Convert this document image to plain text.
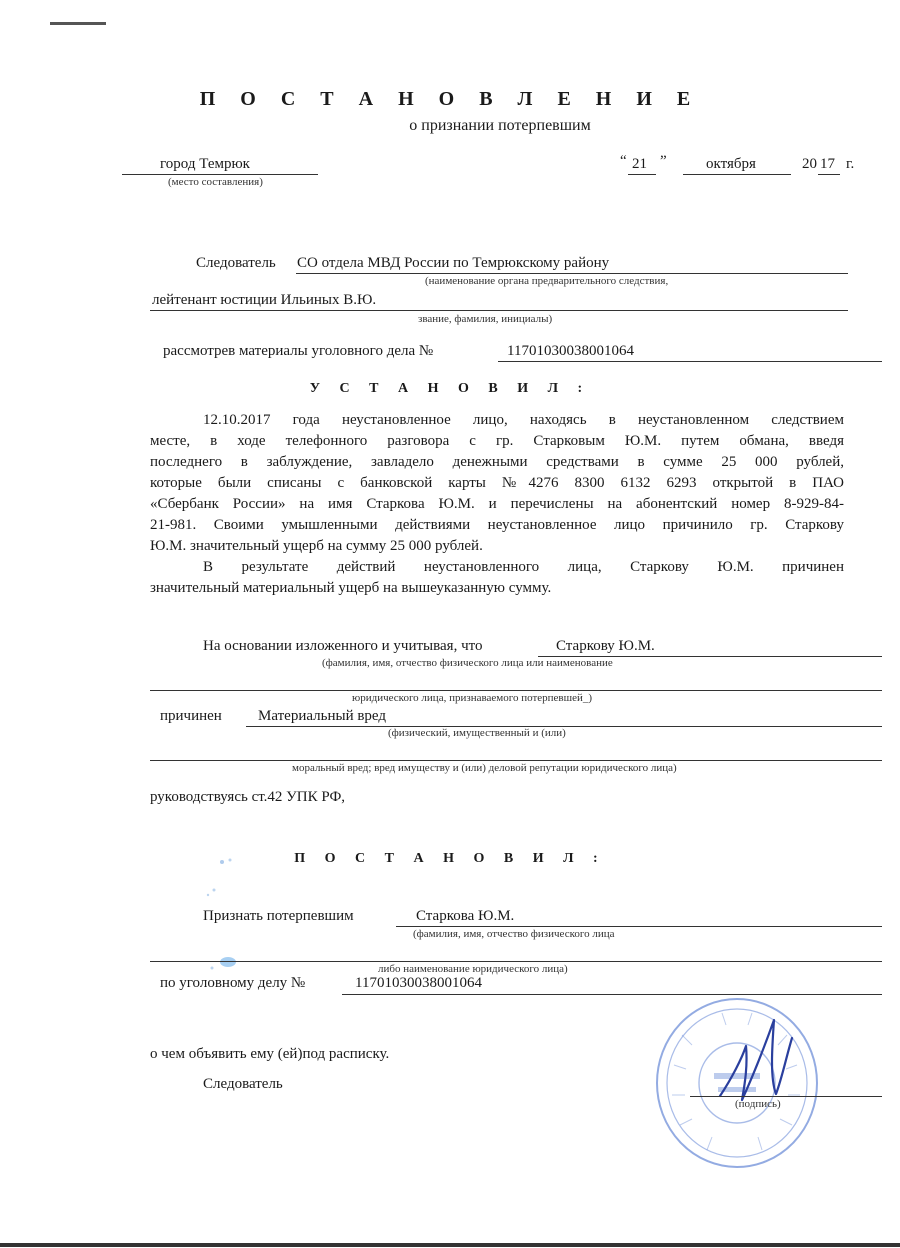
П О С Т А Н О В Л Е Н И Е
о признании потерпевшим
город Темрюк
(место составления)
“ 21 ”	октября	20 17 г.
Следователь СО отдела МВД России по Темрюкскому району
(наименование органа предварительного следствия,
лейтенант юстиции Ильиных В.Ю.
звание, фамилия, инициалы)
рассмотрев материалы уголовного дела №	11701030038001064
У С Т А Н О В И Л :
12.10.2017 года неустановленное лицо, находясь в неустановленном следствием
месте, в ходе телефонного разговора с гр. Старковым Ю.М. путем обмана, введя
последнего в заблуждение, завладело денежными средствами в сумме 25 000 рублей,
которые были списаны с банковской карты №4276 8300 6132 6293 открытой в ПАО
«Сбербанк России» на имя Старкова Ю.М. и перечислены на абонентский номер 8-929-84-
21-981. Своими умышленными действиями неустановленное лицо причинило гр. Старкову
Ю.М. значительный ущерб на сумму 25 000 рублей.
В результате действий неустановленного лица, Старкову Ю.М. причинен
значительный материальный ущерб на вышеуказанную сумму.
На основании изложенного и учитывая, что	Старкову Ю.М.
(фамилия, имя, отчество физического лица или наименование
юридического лица, признаваемого потерпевшей_)
причинен Материальный вред
(физический, имущественный и (или)
моральный вред; вред имуществу и (или) деловой репутации юридического лица)
руководствуясь ст.42 УПК РФ,
П О С Т А Н О В И Л :
Признать потерпевшим	Старкова Ю.М.
(фамилия, имя, отчество физического лица
либо наименование юридического лица)
по уголовному делу №	11701030038001064
о чем объявить ему (ей)под расписку.
Следователь
(подпись)
